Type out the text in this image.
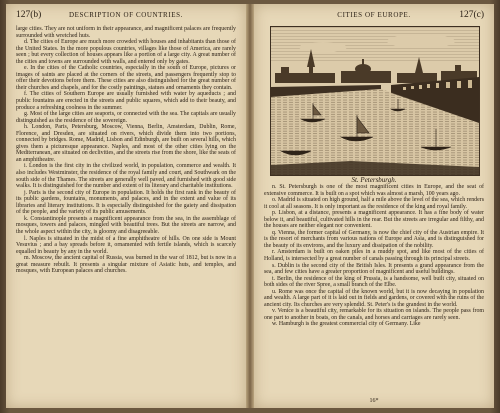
127(b)	DESCRIPTION OF COUNTRIES.

large cities. They are not uniform in their appearance, and magnificent palaces are frequently surrounded with wretched huts.

d. The cities of Europe are much more crowded with houses and inhabitants than those of the United States. In the more populous countries, villages like those of America, are rarely seen ; but every collection of houses appears like a portion of a large city. A great number of the cities and towns are surrounded with walls, and entered only by gates.

e. In the cities of the Catholic countries, especially in the south of Europe, pictures or images of saints are placed at the corners of the streets, and passengers frequently stop to offer their devotions before them. These cities are also distinguished for the great number of their churches and chapels, and for the costly paintings, statues and ornaments they contain.

f. The cities of Southern Europe are usually furnished with water by aqueducts ; and public fountains are erected in the streets and public squares, which add to their beauty, and produce a refreshing coolness in the summer.

g. Most of the large cities are seaports, or connected with the sea. The capitals are usually distinguished as the residence of the sovereign.

h. London, Paris, Petersburg, Moscow, Vienna, Berlin, Amsterdam, Dublin, Rome, Florence, and Dresden, are situated on rivers, which divide them into two portions, connected by bridges. Rome, Madrid, Lisbon and Edinburgh, are built on several hills, which gives them a picturesque appearance. Naples, and most of the other cities lying on the Mediterranean, are situated on declivities, and the streets rise from the shore, like the seats of an amphitheatre.

i. London is the first city in the civilized world, in population, commerce and wealth. It also includes Westminster, the residence of the royal family and court, and Southwark on the south side of the Thames. The streets are generally well paved, and furnished with good side walks. It is distinguished for the number and extent of its literary and charitable institutions.

j. Paris is the second city of Europe in population. It holds the first rank in the beauty of its public gardens, fountains, monuments, and palaces, and in the extent and value of its libraries and literary institutions. It is especially distinguished for the gaiety and dissipation of the people, and the variety of its public amusements.

k. Constantinople presents a magnificent appearance from the sea, in the assemblage of mosques, towers and palaces, mingled with beautiful trees. But the streets are narrow, and the whole aspect within the city, is gloomy and disagreeable.

l. Naples is situated in the midst of a fine amphitheatre of hills. On one side is Mount Vesuvius ; and a bay spreads before it, ornamented with fertile islands, which is scarcely equalled in beauty by any in the world.

m. Moscow, the ancient capital of Russia, was burned in the war of 1812, but is now in a great measure rebuilt. It presents a singular mixture of Asiatic huts, and temples, and mosques, with European palaces and churches.

CITIES OF EUROPE.	127(c)
St. Petersburgh.

n. St. Petersburgh is one of the most magnificent cities in Europe, and the seat of extensive commerce. It is built on a spot which was almost a marsh, 100 years ago.

o. Madrid is situated on high ground, half a mile above the level of the sea, which renders it cool at all seasons. It is only important as the residence of the king and royal family.

p. Lisbon, at a distance, presents a magnificent appearance. It has a fine body of water below it, and beautiful, cultivated hills in the rear. But the streets are irregular and filthy, and the houses are neither elegant nor convenient.

q. Vienna, the former capital of Germany, is now the chief city of the Austrian empire. It is the resort of merchants from various nations of Europe and Asia, and is distinguished for the beauty of its environs, and the luxury and dissipation of the nobility.

r. Amsterdam is built on oaken piles in a muddy spot, and like most of the cities of Holland, is intersected by a great number of canals passing through its principal streets.

s. Dublin is the second city of the British Isles. It presents a grand appearance from the sea, and few cities have a greater proportion of magnificent and useful buildings.

t. Berlin, the residence of the king of Prussia, is a handsome, well built city, situated on both sides of the river Spree, a small branch of the Elbe.

u. Rome was once the capital of the known world, but it is now decaying in population and wealth. A large part of it is laid out in fields and gardens, or covered with the ruins of the ancient city. Its churches are very splendid. St. Peter's is the grandest in the world.

v. Venice is a beautiful city, remarkable for its situation on islands. The people pass from one part to another in boats, on the canals, and horses and carriages are rarely seen.

w. Hamburgh is the greatest commercial city of Germany. Like

16*
